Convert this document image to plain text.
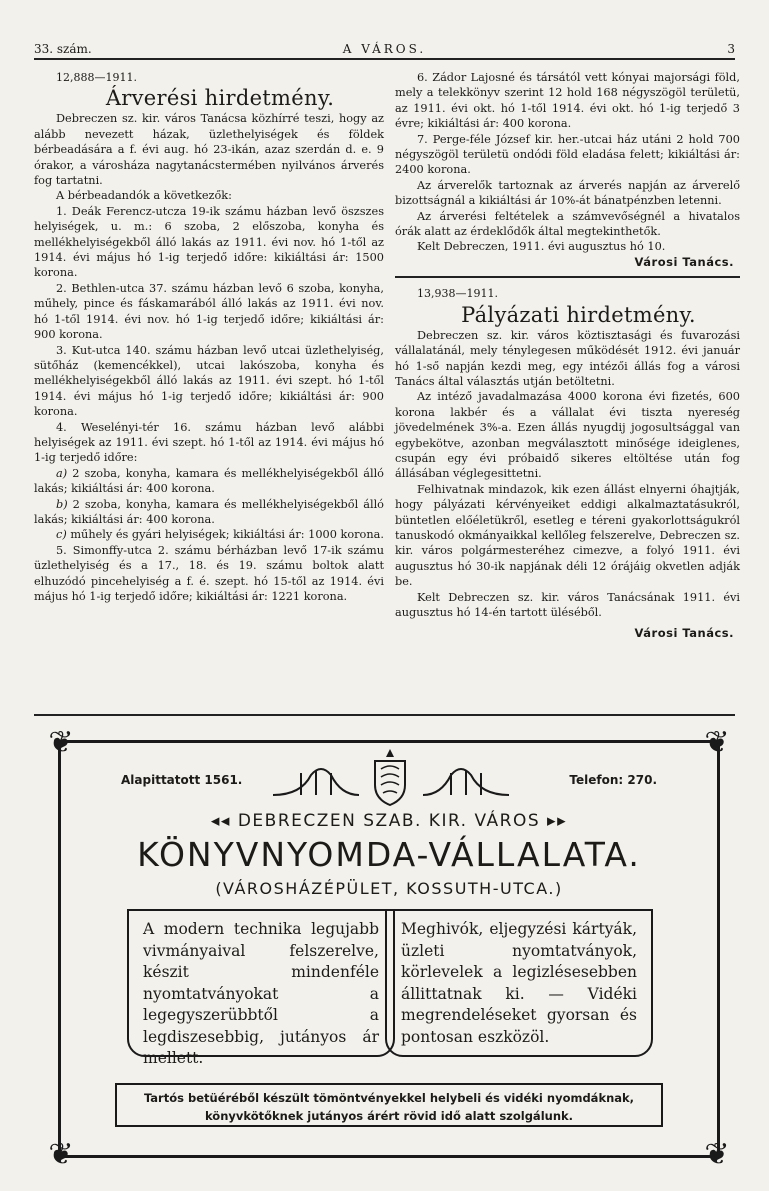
33. szám.	A VÁROS.	3

12,888—1911.

Árverési hirdetmény.

Debreczen sz. kir. város Tanácsa közhírré teszi, hogy az alább nevezett házak, üzlethelyiségek és földek bérbeadására a f. évi aug. hó 23-ikán, azaz szerdán d. e. 9 órakor, a városháza nagytanácstermében nyilvános árverés fog tartatni.

A bérbeadandók a következők:

1. Deák Ferencz-utcza 19-ik számu házban levő öszszes helyiségek, u. m.: 6 szoba, 2 előszoba, konyha és mellékhelyiségekből álló lakás az 1911. évi nov. hó 1-től az 1914. évi május hó 1-ig terjedő időre: kikiáltási ár: 1500 korona.

2. Bethlen-utca 37. számu házban levő 6 szoba, konyha, műhely, pince és fáskamarából álló lakás az 1911. évi nov. hó 1-től 1914. évi nov. hó 1-ig terjedő időre; kikiáltási ár: 900 korona.

3. Kut-utca 140. számu házban levő utcai üzlethelyiség, sütőház (kemencékkel), utcai lakószoba, konyha és mellékhelyiségekből álló lakás az 1911. évi szept. hó 1-től 1914. évi május hó 1-ig terjedő időre; kikiáltási ár: 900 korona.

4. Weselényi-tér 16. számu házban levő alábbi helyiségek az 1911. évi szept. hó 1-től az 1914. évi május hó 1-ig terjedő időre:

a) 2 szoba, konyha, kamara és mellékhelyiségekből álló lakás; kikiáltási ár: 400 korona.

b) 2 szoba, konyha, kamara és mellékhelyiségekből álló lakás; kikiáltási ár: 400 korona.

c) műhely és gyári helyiségek; kikiáltási ár: 1000 korona.

5. Simonffy-utca 2. számu bérházban levő 17-ik számu üzlethelyiség és a 17., 18. és 19. számu boltok alatt elhuzódó pincehelyiség a f. é. szept. hó 15-től az 1914. évi május hó 1-ig terjedő időre; kikiáltási ár: 1221 korona.

6. Zádor Lajosné és társától vett kónyai majorsági föld, mely a telekkönyv szerint 12 hold 168 négyszögöl területü, az 1911. évi okt. hó 1-től 1914. évi okt. hó 1-ig terjedő 3 évre; kikiáltási ár: 400 korona.

7. Perge-féle József kir. her.-utcai ház utáni 2 hold 700 négyszögöl területü ondódi föld eladása felett; kikiáltási ár: 2400 korona.

Az árverelők tartoznak az árverés napján az árverelő bizottságnál a kikiáltási ár 10%-át bánatpénzben letenni.

Az árverési feltételek a számvevőségnél a hivatalos órák alatt az érdeklődők által megtekinthetők.

Kelt Debreczen, 1911. évi augusztus hó 10.

Városi Tanács.

13,938—1911.

Pályázati hirdetmény.

Debreczen sz. kir. város köztisztasági és fuvarozási vállalatánál, mely ténylegesen működését 1912. évi január hó 1-ső napján kezdi meg, egy intézői állás fog a városi Tanács által választás utján betöltetni.

Az intéző javadalmazása 4000 korona évi fizetés, 600 korona lakbér és a vállalat évi tiszta nyereség jövedelmének 3%-a. Ezen állás nyugdij jogosultsággal van egybekötve, azonban megválasztott minősége ideiglenes, csupán egy évi próbaidő sikeres eltöltése után fog állásában véglegesittetni.

Felhivatnak mindazok, kik ezen állást elnyerni óhajtják, hogy pályázati kérvényeiket eddigi alkalmaztatásukról, büntetlen előéletükről, esetleg e téreni gyakorlottságukról tanuskodó okmányaikkal kellőleg felszerelve, Debreczen sz. kir. város polgármesteréhez cimezve, a folyó 1911. évi augusztus hó 30-ik napjának déli 12 órájáig okvetlen adják be.

Kelt Debreczen sz. kir. város Tanácsának 1911. évi augusztus hó 14-én tartott üléséből.

Városi Tanács.

❦	❦
❦	❦
Alapittatott 1561.	Telefon: 270.
◂◂ DEBRECZEN SZAB. KIR. VÁROS ▸▸
KÖNYVNYOMDA-VÁLLALATA.
(VÁROSHÁZÉPÜLET, KOSSUTH-UTCA.)
A modern technika legujabb vivmányaival felszerelve, készit mindenféle nyomtatványokat a legegyszerübbtől a legdiszesebbig, jutányos ár mellett.
Meghivók, eljegyzési kártyák, üzleti nyomtatványok, körlevelek a legizlésesebben állittatnak ki. — Vidéki megrendeléseket gyorsan és pontosan eszközöl.
Tartós betüéréből készült tömöntvényekkel helybeli és vidéki nyomdáknak, könyvkötőknek jutányos árért rövid idő alatt szolgálunk.
